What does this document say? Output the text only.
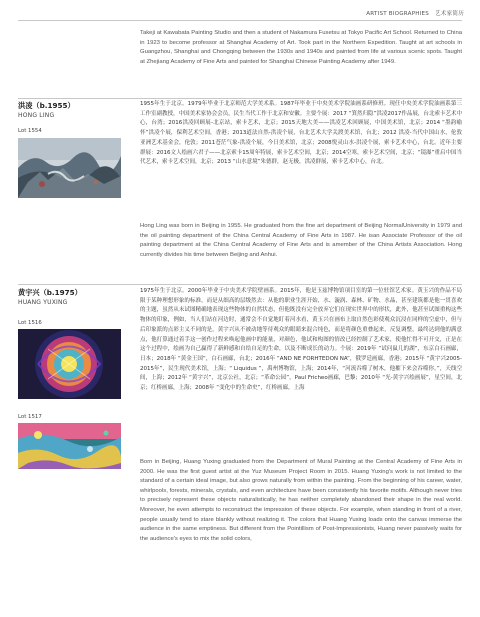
ARTIST BIOGRAPHIES 艺术家简历

Takeji at Kawabata Painting Studio and then a student of Nakamura Fusetsu at Tokyo Pacific Art School. Returned to China in 1923 to become professor at Shanghai Academy of Art. Took part in the Northern Expedition. Taught at art schools in Guangzhou, Shanghai and Chongqing between the 1930s and 1940s and painted from life at various scenic spots. Taught at Zhejiang Academy of Fine Arts and painted for Shanghai Chinese Painting Academy after 1949.

洪凌（b.1955）
HONG LING
Lot 1554

1955年生于北京。1979年毕业于北京师范大学美术系。1987年毕业于中央美术学院油画系研修班。现任中央美术学院油画系第三工作室副教授，中国美术家协会会员，民生当代工作于北京和安徽。主要个展：2017 “箕然归隐”洪凌2017作品展，台北索卡艺术中心，台湾；2016洪凌回顾展-北京站，索卡艺术，北京；2015天地大美——洪凌艺术回顾展，中国美术馆，北京；2014 “墨韵喻怀”洪凌个展，保利艺术空间，香港；2013道法自然-洪凌个展，台北艺术大学关渡美术馆，台北；2012 洪凌-当代中国山水，伦敦亚洲艺术基金会，伦敦；2011苍茫气象-洪凌个展，今日美术馆，北京；2008悦灵山水-洪凌个展，索卡艺术中心，台北。近年主要群展：2016文人绘画六君子——北京索卡15周年特展，索卡艺术空间，北京；2014空寒，索卡艺术空间，北京；“镜瀑”重启中国当代艺术，索卡艺术空间，北京；2013 “山水意境”朱德群，赵无极，洪凌群展，索卡艺术中心，台北。

Hong Ling was born in Beijing in 1955. He graduated from the fine art department of Beijing NormalUniversity in 1979 and the oil painting department of the China Central Academy of Fine Arts in 1987. He isan Associate Professor of the oil painting department at the China Central Academy of Fine Arts and is amember of the China Artists Association. Hong currently divides his time between Beijing and Anhui.

黄宇兴（b.1975）
HUANG YUXING
Lot 1516
Lot 1517

1975年生于北京。2000年毕业于中央美术学院壁画系。2015年，他是玉兹博物馆项目室的第一位驻馆艺术家。黄玉兴的作品不局限于某种理想形象的标准，而是从细高的层级然去：从他的职业生涯开始，水、漩涡、森林、矿物、水晶，甚至建筑都是他一贯喜欢的主题，虽然从未试图精确地表现这些物体的自然状态，但他既没有完全放弃它们在现实世界中的形状，此外，他甚至试图重构这些物体的印象，例如，当人们站在河边时，通常会不自觉地盯着河水看，黄玉兴在画布上取自然色彩使观众沉浸在同样的空虚中，但与后印象派的点彩主义不同的是，黄宇兴从不被动地等待观众的眼睛来混合纯色，而是将颜色重叠起来，反复调整，最终达到他的满意点，他打算通过着手这一创作过程来唤起他画中的能量，对颜色，他试和构图的情改已经控制了艺术家，使他忙得不可开交，正是在这个过程中，绘画为自己赢得了新鲜感和自给自足的生命，以及不断成长的动力。个展：2019年 “试问鼠几的湖”，东京白石画廊，日本；2018年 “黄金王国”，白石画廊，台北；2016年 “AND NE FORHTEDON NA”，俄罗廷画廊，香港；2015年 “黄宇兴2005-2015年”，民生现代美术馆，上海；“ Liquidus ”，禹州博物馆，上海；2014年，“河流吞噬了树木，他摧下来会吞噬你。”，天线空间，上海；2012年 “黄宇兴”，北京公社，北京；“革命公园”，Paul Fricheo画廊，巴黎；2010年 “光-黄宇兴绘画展”，星空间，北京；红桥画廊，上海；2008年 “变化中的生命史”，红桥画廊，上海

Born in Beijing, Huang Yuxing graduated from the Department of Mural Painting at the Central Academy of Fine Arts in 2000. He was the first guest artist at the Yuz Museum Project Room in 2015. Huang Yuxing's work is not limited to the standard of a certain ideal image, but also grows naturally from within the painting. From the beginning of his career, water, whirlpools, forests, minerals, crystals, and even architecture have been consistently his favorite motifs. Although never tries to precisely represent these objects naturalistically, he has neither completely abandoned their shape in the real world. Moreover, he even attempts to reconstruct the impression of these objects. For example, when standing in front of a river, people usually tend to stare blankly without realizing it. The colors that Huang Yuxing loads onto the canvas immerse the audience in the same emptiness. But different from the Pointillism of Post-Impressionists, Huang never passively waits for the audience's eyes to mix the solid colors,
